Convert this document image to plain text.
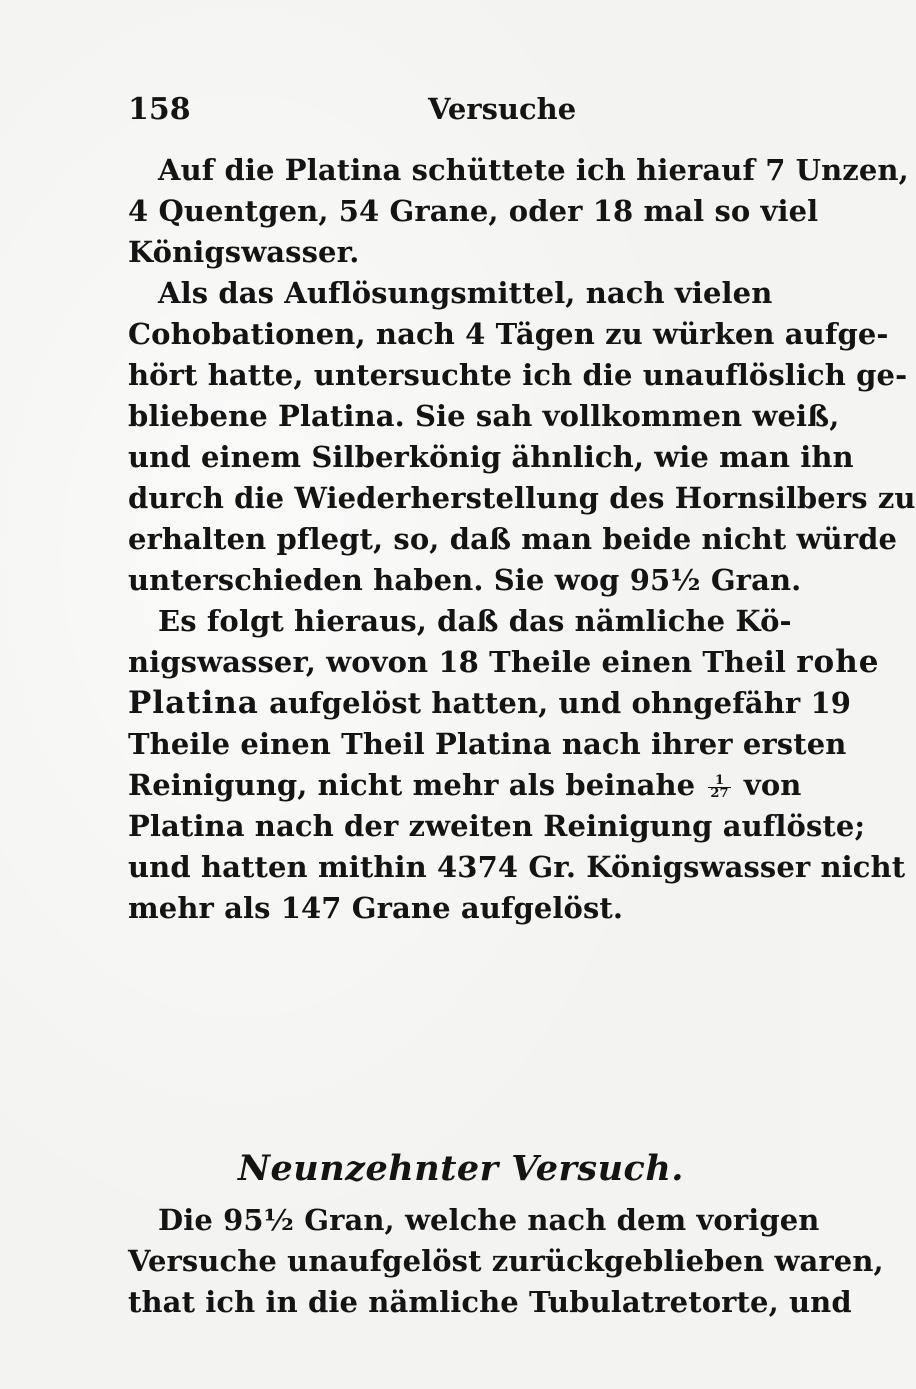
158	Versuche
Auf die Platina schüttete ich hierauf 7 Unzen,
4 Quentgen, 54 Grane, oder 18 mal so viel
Königswasser.
Als das Auflösungsmittel, nach vielen
Cohobationen, nach 4 Tägen zu würken aufge-
hört hatte, untersuchte ich die unauflöslich ge-
bliebene Platina. Sie sah vollkommen weiß,
und einem Silberkönig ähnlich, wie man ihn
durch die Wiederherstellung des Hornsilbers zu
erhalten pflegt, so, daß man beide nicht würde
unterschieden haben. Sie wog 95½ Gran.
Es folgt hieraus, daß das nämliche Kö-
nigswasser, wovon 18 Theile einen Theil rohe
Platina aufgelöst hatten, und ohngefähr 19
Theile einen Theil Platina nach ihrer ersten
Reinigung, nicht mehr als beinahe $\frac{1}{27}$ von
Platina nach der zweiten Reinigung auflöste;
und hatten mithin 4374 Gr. Königswasser nicht
mehr als 147 Grane aufgelöst.
Neunzehnter Versuch.
Die 95½ Gran, welche nach dem vorigen
Versuche unaufgelöst zurückgeblieben waren,
that ich in die nämliche Tubulatretorte, und
